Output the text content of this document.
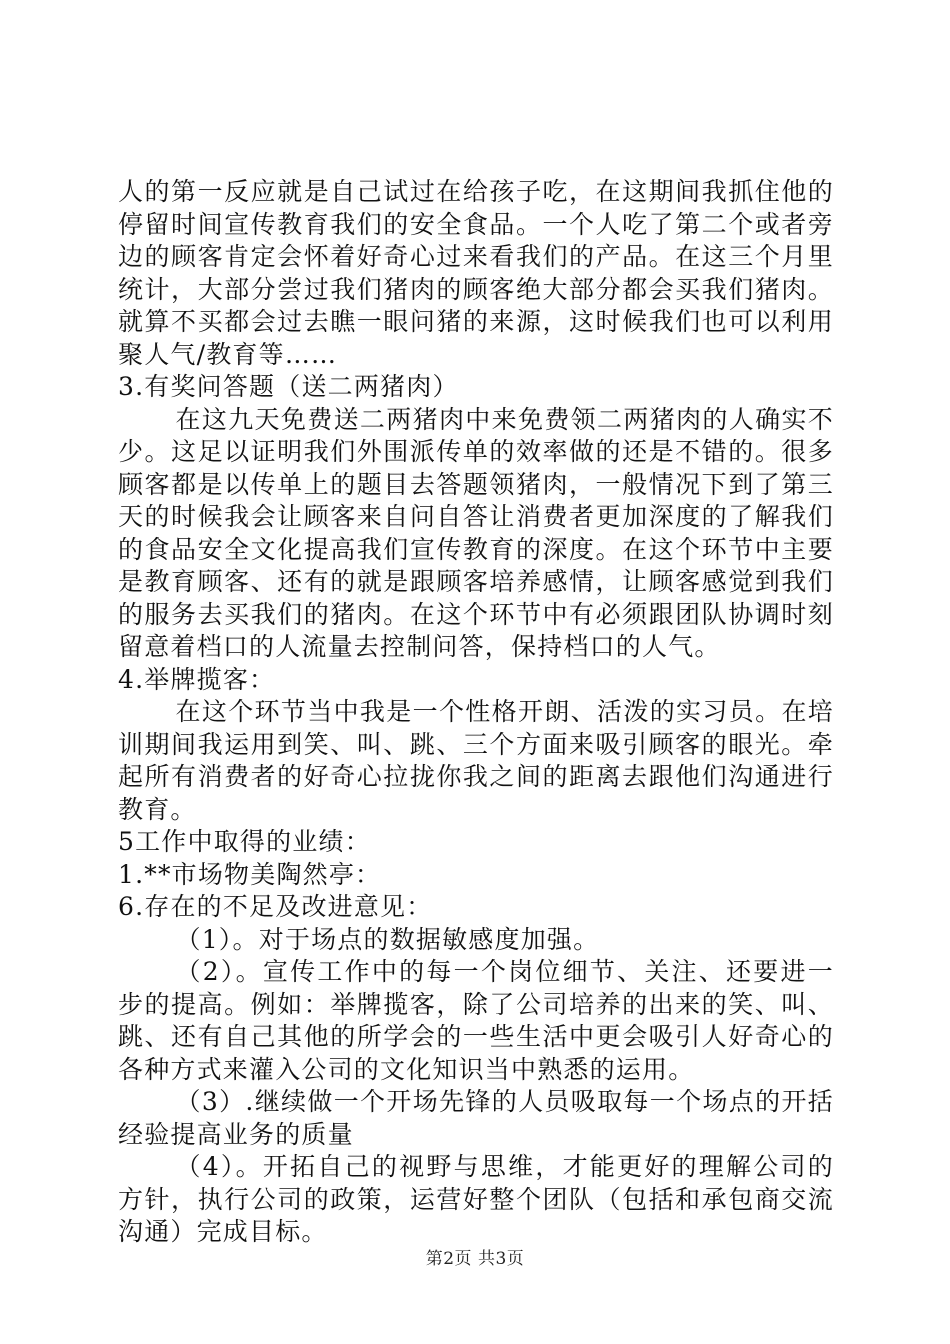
人的第一反应就是自己试过在给孩子吃，在这期间我抓住他的停留时间宣传教育我们的安全食品。一个人吃了第二个或者旁边的顾客肯定会怀着好奇心过来看我们的产品。在这三个月里统计，大部分尝过我们猪肉的顾客绝大部分都会买我们猪肉。就算不买都会过去瞧一眼问猪的来源，这时候我们也可以利用聚人气/教育等……

3.有奖问答题（送二两猪肉）

在这九天免费送二两猪肉中来免费领二两猪肉的人确实不少。这足以证明我们外围派传单的效率做的还是不错的。很多顾客都是以传单上的题目去答题领猪肉，一般情况下到了第三天的时候我会让顾客来自问自答让消费者更加深度的了解我们的食品安全文化提高我们宣传教育的深度。在这个环节中主要是教育顾客、还有的就是跟顾客培养感情，让顾客感觉到我们的服务去买我们的猪肉。在这个环节中有必须跟团队协调时刻留意着档口的人流量去控制问答，保持档口的人气。

4.举牌揽客：

在这个环节当中我是一个性格开朗、活泼的实习员。在培训期间我运用到笑、叫、跳、三个方面来吸引顾客的眼光。牵起所有消费者的好奇心拉拢你我之间的距离去跟他们沟通进行教育。

5工作中取得的业绩：

1.**市场物美陶然亭：

6.存在的不足及改进意见：

（1）。对于场点的数据敏感度加强。

（2）。宣传工作中的每一个岗位细节、关注、还要进一步的提高。例如：举牌揽客，除了公司培养的出来的笑、叫、跳、还有自己其他的所学会的一些生活中更会吸引人好奇心的各种方式来灌入公司的文化知识当中熟悉的运用。

（3）.继续做一个开场先锋的人员吸取每一个场点的开括经验提高业务的质量

（4）。开拓自己的视野与思维，才能更好的理解公司的方针，执行公司的政策，运营好整个团队（包括和承包商交流沟通）完成目标。

第2页 共3页
